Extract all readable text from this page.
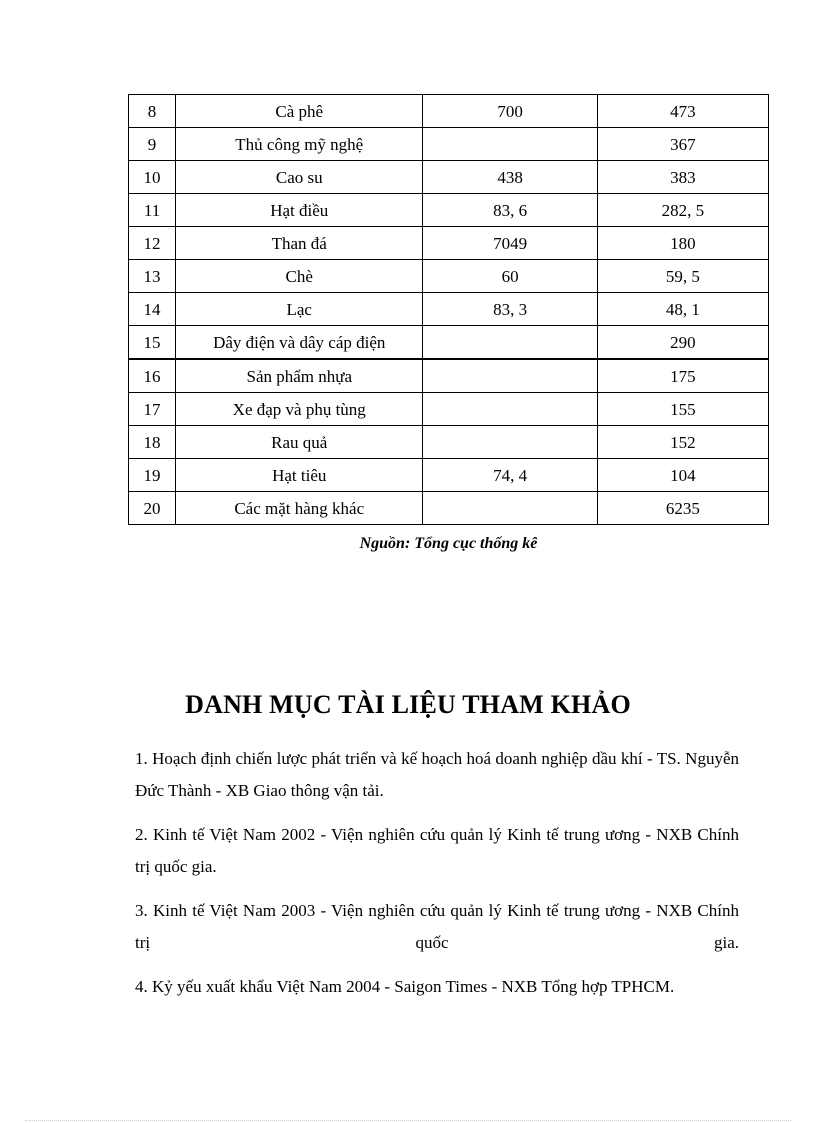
8	Cà phê	700	473
9	Thủ công mỹ nghệ		367
10	Cao su	438	383
11	Hạt điều	83, 6	282, 5
12	Than đá	7049	180
13	Chè	60	59, 5
14	Lạc	83, 3	48, 1
15	Dây điện và dây cáp điện		290
16	Sản phẩm nhựa		175
17	Xe đạp và phụ tùng		155
18	Rau quả		152
19	Hạt tiêu	74, 4	104
20	Các mặt hàng khác		6235
Nguồn: Tổng cục thống kê
DANH MỤC TÀI LIỆU THAM KHẢO

1. Hoạch định chiến lược phát triển và kế hoạch hoá doanh nghiệp dầu khí - TS. Nguyễn Đức Thành - XB Giao thông vận tải.

2. Kinh tế Việt Nam 2002 - Viện nghiên cứu quản lý Kinh tế trung ương - NXB Chính trị quốc gia.

3. Kinh tế Việt Nam 2003 - Viện nghiên cứu quản lý Kinh tế trung ương - NXB Chính trị quốc gia.

4. Kỷ yếu xuất khẩu Việt Nam 2004 - Saigon Times - NXB Tổng hợp TPHCM.
